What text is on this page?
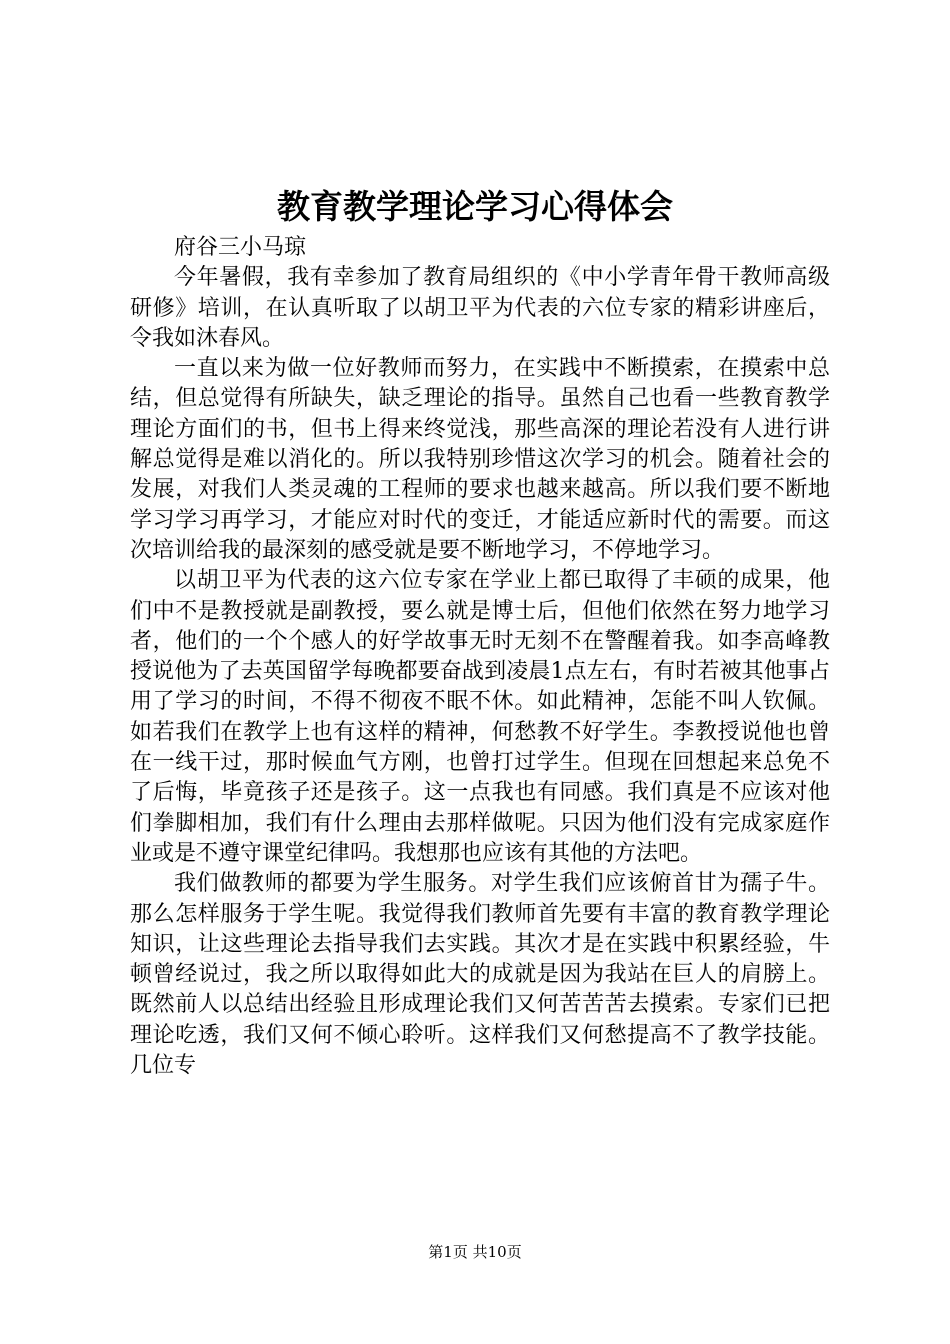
教育教学理论学习心得体会

府谷三小马琼

今年暑假，我有幸参加了教育局组织的《中小学青年骨干教师高级研修》培训，在认真听取了以胡卫平为代表的六位专家的精彩讲座后，令我如沐春风。

一直以来为做一位好教师而努力，在实践中不断摸索，在摸索中总结，但总觉得有所缺失，缺乏理论的指导。虽然自己也看一些教育教学理论方面们的书，但书上得来终觉浅，那些高深的理论若没有人进行讲解总觉得是难以消化的。所以我特别珍惜这次学习的机会。随着社会的发展，对我们人类灵魂的工程师的要求也越来越高。所以我们要不断地学习学习再学习，才能应对时代的变迁，才能适应新时代的需要。而这次培训给我的最深刻的感受就是要不断地学习，不停地学习。

以胡卫平为代表的这六位专家在学业上都已取得了丰硕的成果，他们中不是教授就是副教授，要么就是博士后，但他们依然在努力地学习者，他们的一个个感人的好学故事无时无刻不在警醒着我。如李高峰教授说他为了去英国留学每晚都要奋战到凌晨1点左右，有时若被其他事占用了学习的时间，不得不彻夜不眠不休。如此精神，怎能不叫人钦佩。如若我们在教学上也有这样的精神，何愁教不好学生。李教授说他也曾在一线干过，那时候血气方刚，也曾打过学生。但现在回想起来总免不了后悔，毕竟孩子还是孩子。这一点我也有同感。我们真是不应该对他们拳脚相加，我们有什么理由去那样做呢。只因为他们没有完成家庭作业或是不遵守课堂纪律吗。我想那也应该有其他的方法吧。

我们做教师的都要为学生服务。对学生我们应该俯首甘为孺子牛。那么怎样服务于学生呢。我觉得我们教师首先要有丰富的教育教学理论知识，让这些理论去指导我们去实践。其次才是在实践中积累经验，牛顿曾经说过，我之所以取得如此大的成就是因为我站在巨人的肩膀上。既然前人以总结出经验且形成理论我们又何苦苦苦去摸索。专家们已把理论吃透，我们又何不倾心聆听。这样我们又何愁提高不了教学技能。几位专

第1页 共10页
